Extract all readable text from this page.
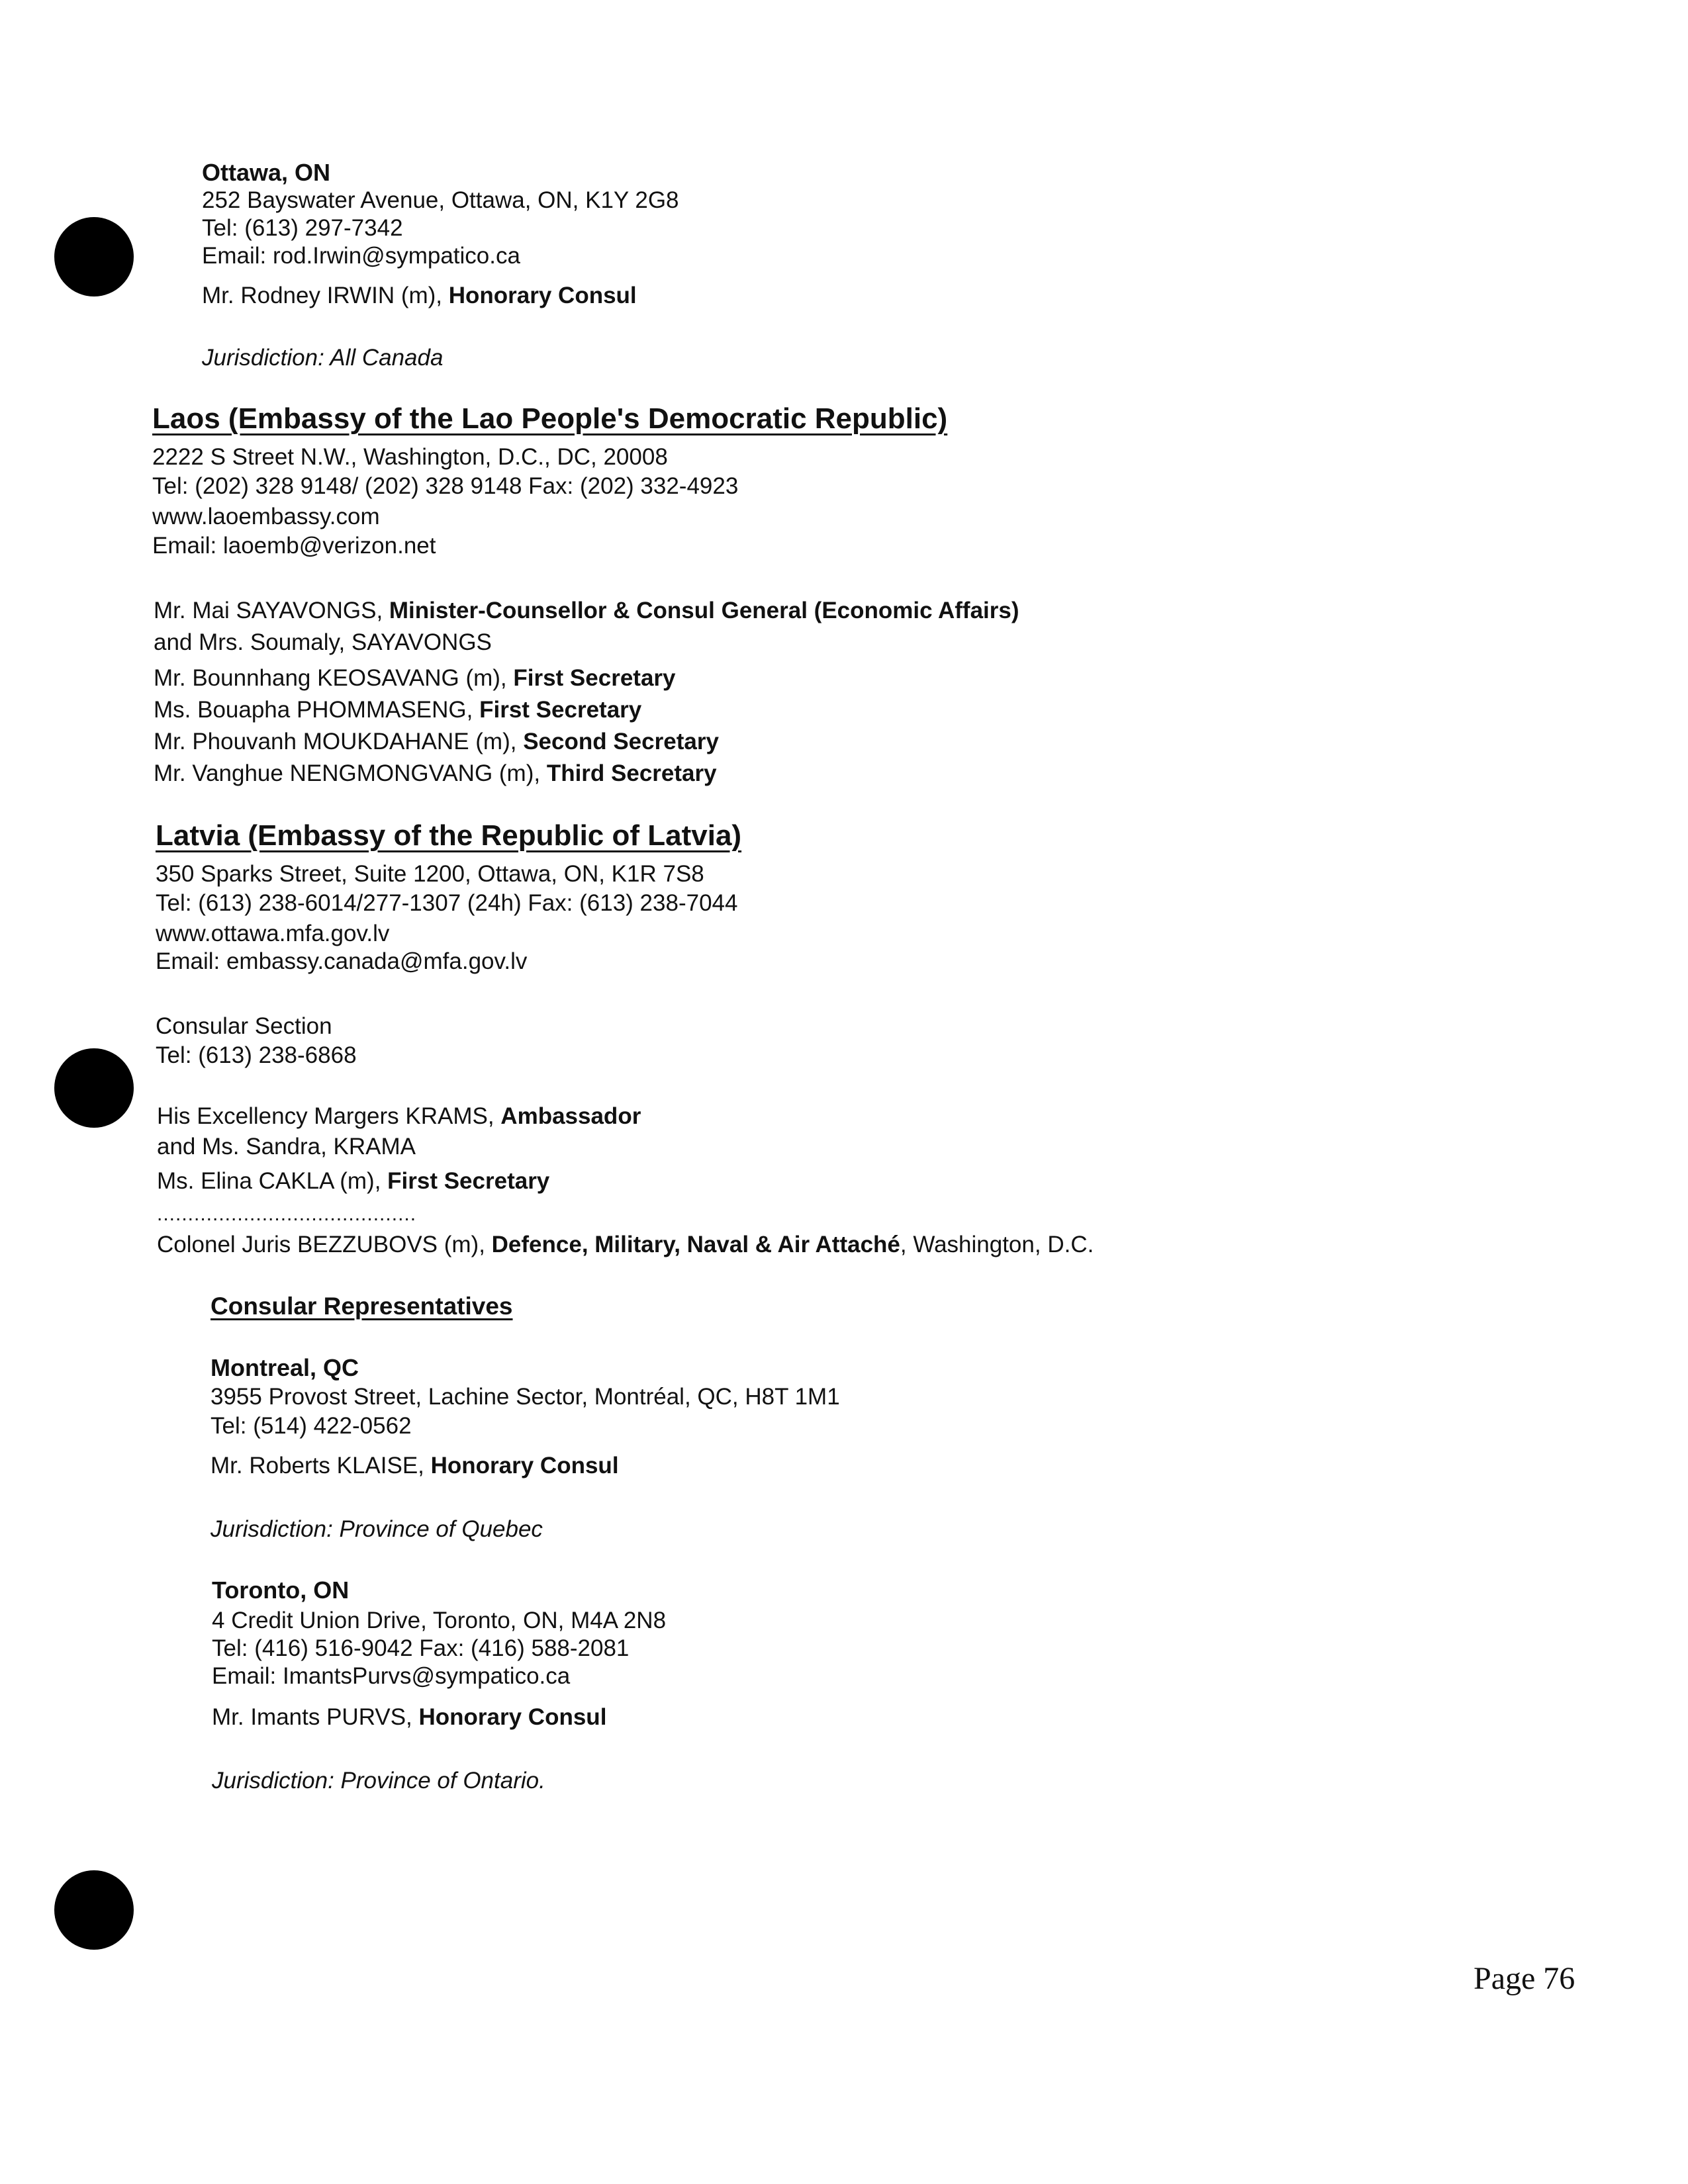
Ottawa, ON
252 Bayswater Avenue, Ottawa, ON, K1Y 2G8
Tel: (613) 297-7342
Email: rod.Irwin@sympatico.ca
Mr. Rodney IRWIN (m), Honorary Consul
Jurisdiction: All Canada
Laos (Embassy of the Lao People's Democratic Republic)
2222 S Street N.W., Washington, D.C., DC, 20008
Tel: (202) 328 9148/ (202) 328 9148 Fax: (202) 332-4923
www.laoembassy.com
Email: laoemb@verizon.net
Mr. Mai SAYAVONGS, Minister-Counsellor & Consul General (Economic Affairs)
and Mrs. Soumaly, SAYAVONGS
Mr. Bounnhang KEOSAVANG (m), First Secretary
Ms. Bouapha PHOMMASENG, First Secretary
Mr. Phouvanh MOUKDAHANE (m), Second Secretary
Mr. Vanghue NENGMONGVANG (m), Third Secretary
Latvia (Embassy of the Republic of Latvia)
350 Sparks Street, Suite 1200, Ottawa, ON, K1R 7S8
Tel: (613) 238-6014/277-1307 (24h) Fax: (613) 238-7044
www.ottawa.mfa.gov.lv
Email: embassy.canada@mfa.gov.lv
Consular Section
Tel: (613) 238-6868
His Excellency Margers KRAMS, Ambassador
and Ms. Sandra, KRAMA
Ms. Elina CAKLA (m), First Secretary
..........................................
Colonel Juris BEZZUBOVS (m), Defence, Military, Naval & Air Attaché, Washington, D.C.
Consular Representatives
Montreal, QC
3955 Provost Street, Lachine Sector, Montréal, QC, H8T 1M1
Tel: (514) 422-0562
Mr. Roberts KLAISE, Honorary Consul
Jurisdiction: Province of Quebec
Toronto, ON
4 Credit Union Drive, Toronto, ON, M4A 2N8
Tel: (416) 516-9042 Fax: (416) 588-2081
Email: ImantsPurvs@sympatico.ca
Mr. Imants PURVS, Honorary Consul
Jurisdiction: Province of Ontario.
Page 76
